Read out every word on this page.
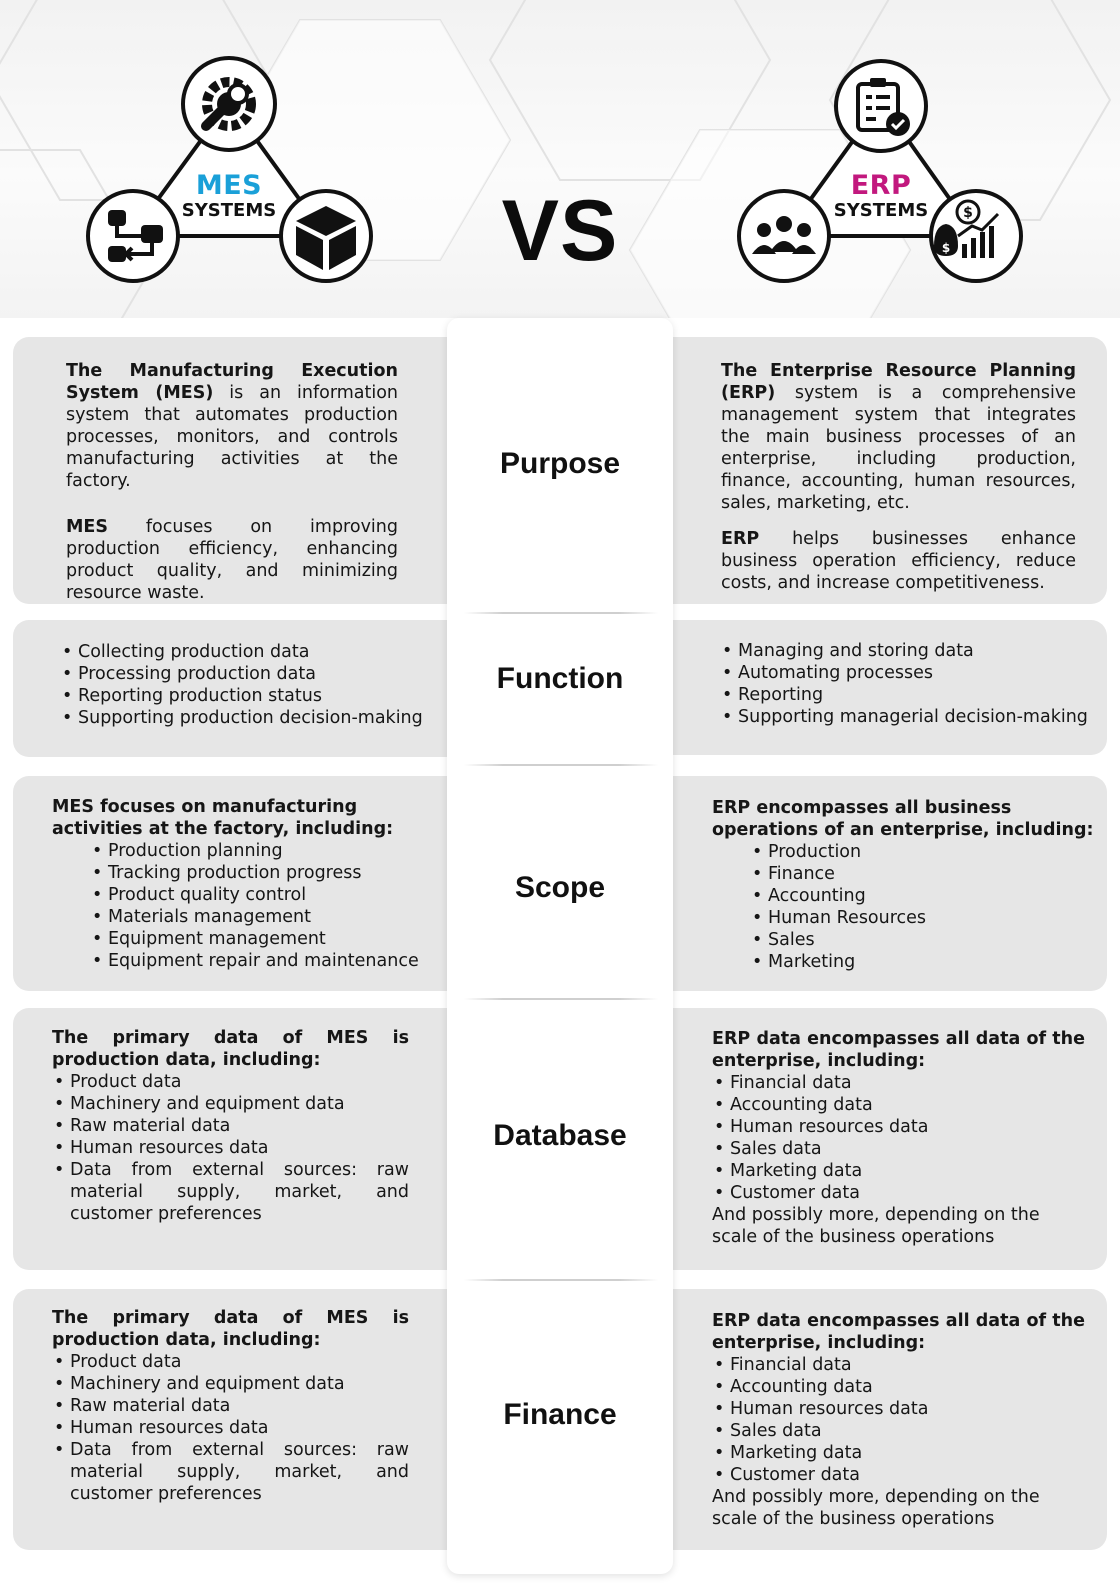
MES
SYSTEMS	VS	$
$
ERP
SYSTEMS
Purpose
Function
Scope
Database
Finance

The Manufacturing Execution System (MES) is an information system that automates production processes, monitors, and controls manufacturing activities at the factory.

MES focuses on improving production efficiency, enhancing product quality, and minimizing resource waste.

The Enterprise Resource Planning (ERP) system is a comprehensive management system that integrates the main business processes of an enterprise, including production, finance, accounting, human resources, sales, marketing, etc.

ERP helps businesses enhance business operation efficiency, reduce costs, and increase competitiveness.

• Collecting production data
• Processing production data
• Reporting production status
• Supporting production decision-making
• Managing and storing data
• Automating processes
• Reporting
• Supporting managerial decision-making

MES focuses on manufacturing activities at the factory, including:

• Production planning
• Tracking production progress
• Product quality control
• Materials management
• Equipment management
• Equipment repair and maintenance

ERP encompasses all business operations of an enterprise, including:

• Production
• Finance
• Accounting
• Human Resources
• Sales
• Marketing

The primary data of MES is production data, including:

• Product data
• Machinery and equipment data
• Raw material data
• Human resources data
• Data from external sources: raw material supply, market, and customer preferences

ERP data encompasses all data of the enterprise, including:

• Financial data
• Accounting data
• Human resources data
• Sales data
• Marketing data
• Customer data

And possibly more, depending on the scale of the business operations

The primary data of MES is production data, including:

• Product data
• Machinery and equipment data
• Raw material data
• Human resources data
• Data from external sources: raw material supply, market, and customer preferences

ERP data encompasses all data of the enterprise, including:

• Financial data
• Accounting data
• Human resources data
• Sales data
• Marketing data
• Customer data

And possibly more, depending on the scale of the business operations
